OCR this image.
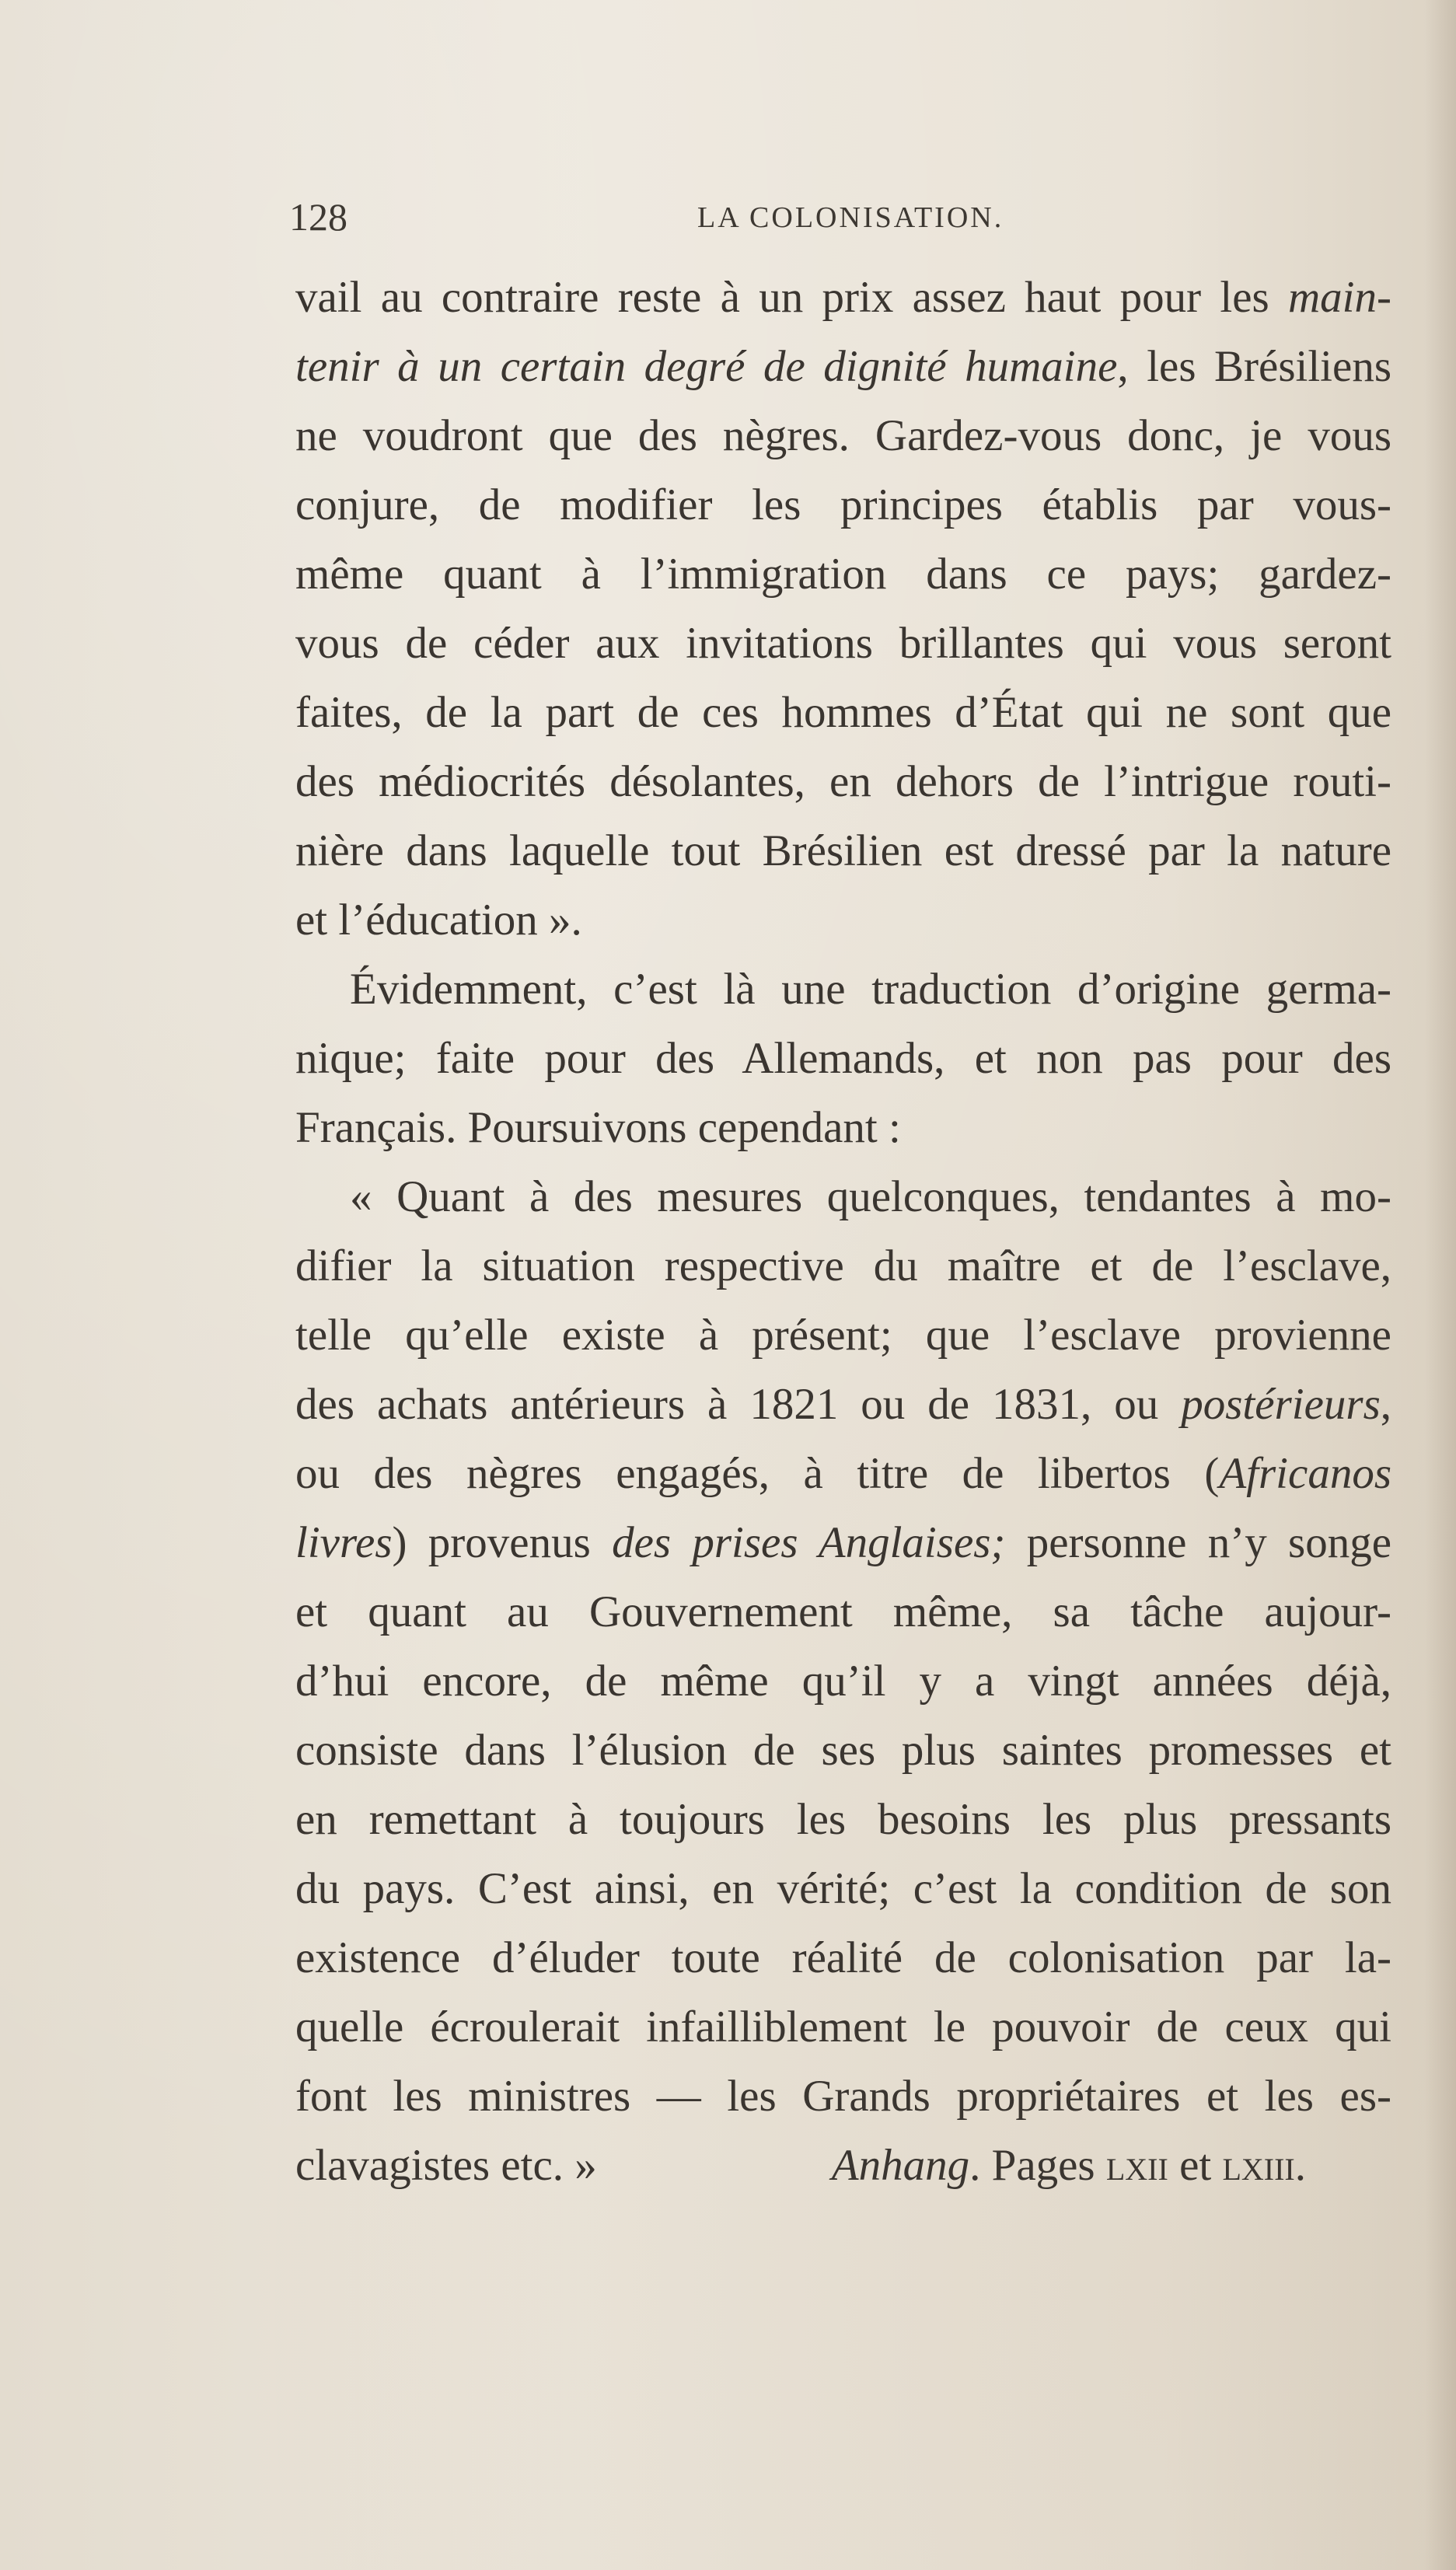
128	LA COLONISATION.
vail au contraire reste à un prix assez haut pour les main-
tenir à un certain degré de dignité humaine, les Brésiliens
ne voudront que des nègres. Gardez-vous donc, je vous
conjure, de modifier les principes établis par vous-
même quant à l’immigration dans ce pays; gardez-
vous de céder aux invitations brillantes qui vous seront
faites, de la part de ces hommes d’État qui ne sont que
des médiocrités désolantes, en dehors de l’intrigue routi-
nière dans laquelle tout Brésilien est dressé par la nature
et l’éducation ».
Évidemment, c’est là une traduction d’origine germa-
nique; faite pour des Allemands, et non pas pour des
Français. Poursuivons cependant :
« Quant à des mesures quelconques, tendantes à mo-
difier la situation respective du maître et de l’esclave,
telle qu’elle existe à présent; que l’esclave provienne
des achats antérieurs à 1821 ou de 1831, ou postérieurs,
ou des nègres engagés, à titre de libertos (Africanos
livres) provenus des prises Anglaises; personne n’y songe
et quant au Gouvernement même, sa tâche aujour-
d’hui encore, de même qu’il y a vingt années déjà,
consiste dans l’élusion de ses plus saintes promesses et
en remettant à toujours les besoins les plus pressants
du pays. C’est ainsi, en vérité; c’est la condition de son
existence d’éluder toute réalité de colonisation par la-
quelle écroulerait infailliblement le pouvoir de ceux qui
font les ministres — les Grands propriétaires et les es-
clavagistes etc. »	Anhang. Pages lxii et lxiii.
